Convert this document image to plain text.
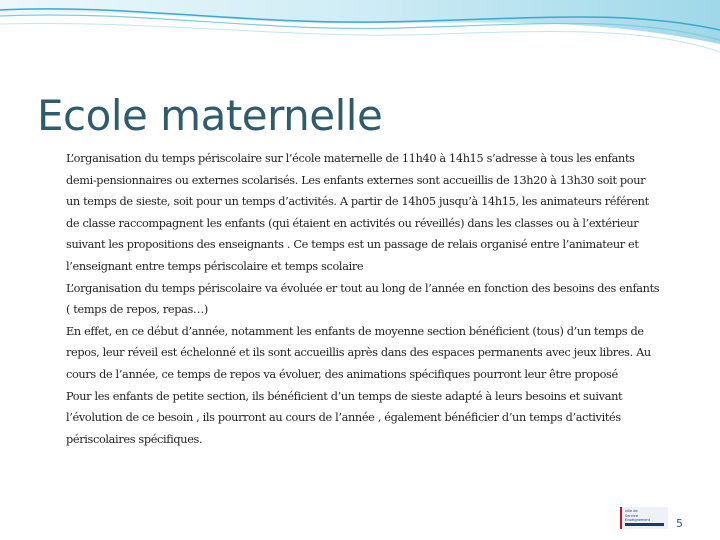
Ecole maternelle

L’organisation du temps périscolaire sur l’école maternelle de 11h40 à 14h15 s’adresse à tous les enfants demi-pensionnaires ou externes scolarisés. Les enfants externes sont accueillis de 13h20 à 13h30 soit pour un temps de sieste, soit pour un temps d’activités. A partir de 14h05 jusqu’à 14h15, les animateurs référent de classe raccompagnent les enfants (qui étaient en activités ou réveillés) dans les classes ou à l’extérieur suivant les propositions des enseignants . Ce temps est un passage de relais organisé entre l’animateur et l’enseignant entre temps périscolaire et temps scolaire

L’organisation du temps périscolaire va évoluée er tout au long de l’année en fonction des besoins des enfants ( temps de repos, repas…)

En effet, en ce début d’année, notamment les enfants de moyenne section bénéficient (tous) d’un temps de repos, leur réveil est échelonné et ils sont accueillis après dans des espaces permanents avec jeux libres. Au cours de l’année, ce temps de repos va évoluer, des animations spécifiques pourront leur être proposé

Pour les enfants de petite section, ils bénéficient d’un temps de sieste adapté à leurs besoins et suivant l’évolution de ce besoin , ils pourront au cours de l’année , également bénéficier d’un temps d’activités périscolaires spécifiques.

ville de
Service
Enseignement	5
